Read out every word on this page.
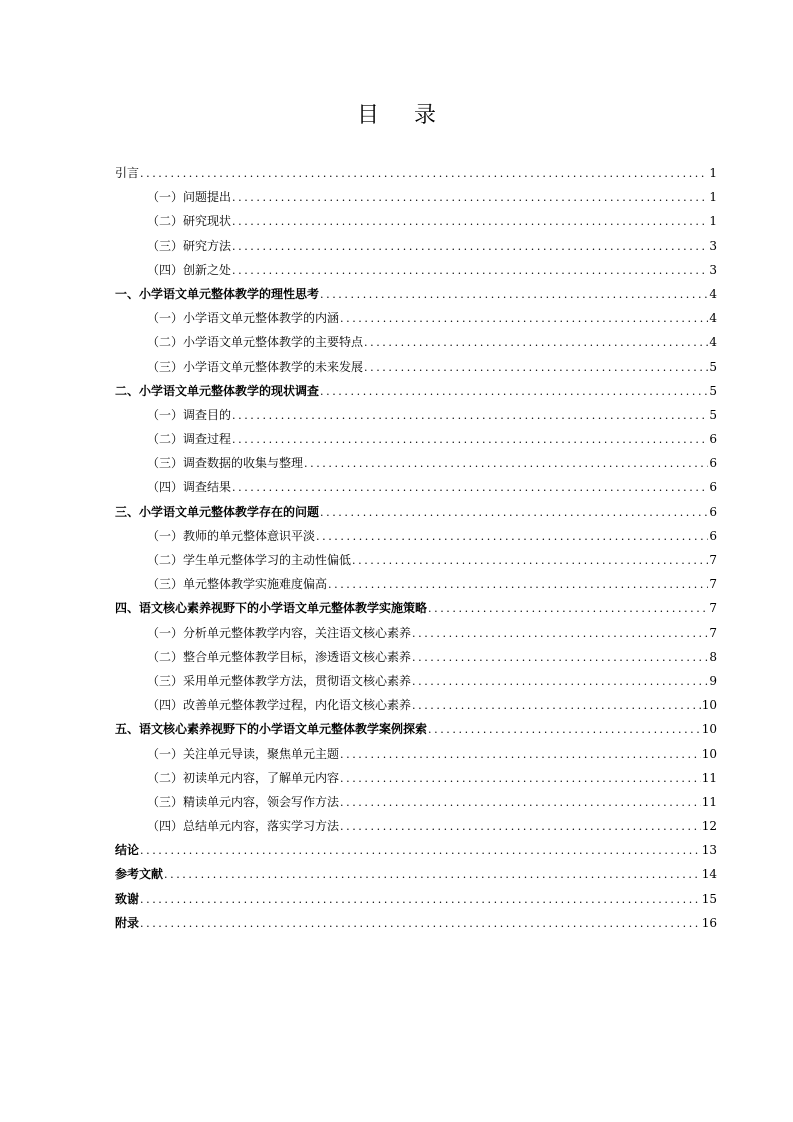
目 录
引言 .....	1
（一）问题提出 .....	1
（二）研究现状 .....	1
（三）研究方法 .....	3
（四）创新之处 .....	3
一、小学语文单元整体教学的理性思考 .....	4
（一）小学语文单元整体教学的内涵 .....	4
（二）小学语文单元整体教学的主要特点 .....	4
（三）小学语文单元整体教学的未来发展 .....	5
二、小学语文单元整体教学的现状调查 .....	5
（一）调查目的 .....	5
（二）调查过程 .....	6
（三）调查数据的收集与整理 .....	6
（四）调查结果 .....	6
三、小学语文单元整体教学存在的问题 .....	6
（一）教师的单元整体意识平淡 .....	6
（二）学生单元整体学习的主动性偏低 .....	7
（三）单元整体教学实施难度偏高 .....	7
四、语文核心素养视野下的小学语文单元整体教学实施策略 .....	7
（一）分析单元整体教学内容，关注语文核心素养 .....	7
（二）整合单元整体教学目标，渗透语文核心素养 .....	8
（三）采用单元整体教学方法，贯彻语文核心素养 .....	9
（四）改善单元整体教学过程，内化语文核心素养 .....	10
五、语文核心素养视野下的小学语文单元整体教学案例探索 .....	10
（一）关注单元导读，聚焦单元主题 .....	10
（二）初读单元内容，了解单元内容 .....	11
（三）精读单元内容，领会写作方法 .....	11
（四）总结单元内容，落实学习方法 .....	12
结论 .....	13
参考文献 .....	14
致谢 .....	15
附录 .....	16
